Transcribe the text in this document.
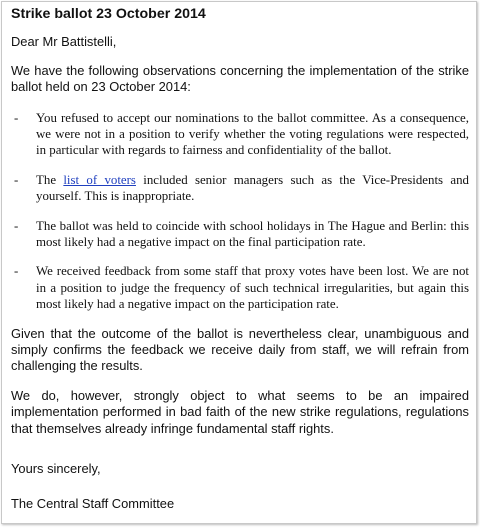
Strike ballot 23 October 2014

Dear Mr Battistelli,

We have the following observations concerning the implementation of the strike ballot held on 23 October 2014:

- You refused to accept our nominations to the ballot committee. As a consequence, we were not in a position to verify whether the voting regulations were respected, in particular with regards to fairness and confidentiality of the ballot.
- The list of voters included senior managers such as the Vice-Presidents and yourself. This is inappropriate.
- The ballot was held to coincide with school holidays in The Hague and Berlin: this most likely had a negative impact on the final participation rate.
- We received feedback from some staff that proxy votes have been lost. We are not in a position to judge the frequency of such technical irregularities, but again this most likely had a negative impact on the participation rate.

Given that the outcome of the ballot is nevertheless clear, unambiguous and simply confirms the feedback we receive daily from staff, we will refrain from challenging the results.

We do, however, strongly object to what seems to be an impaired implementation performed in bad faith of the new strike regulations, regulations that themselves already infringe fundamental staff rights.

Yours sincerely,

The Central Staff Committee
